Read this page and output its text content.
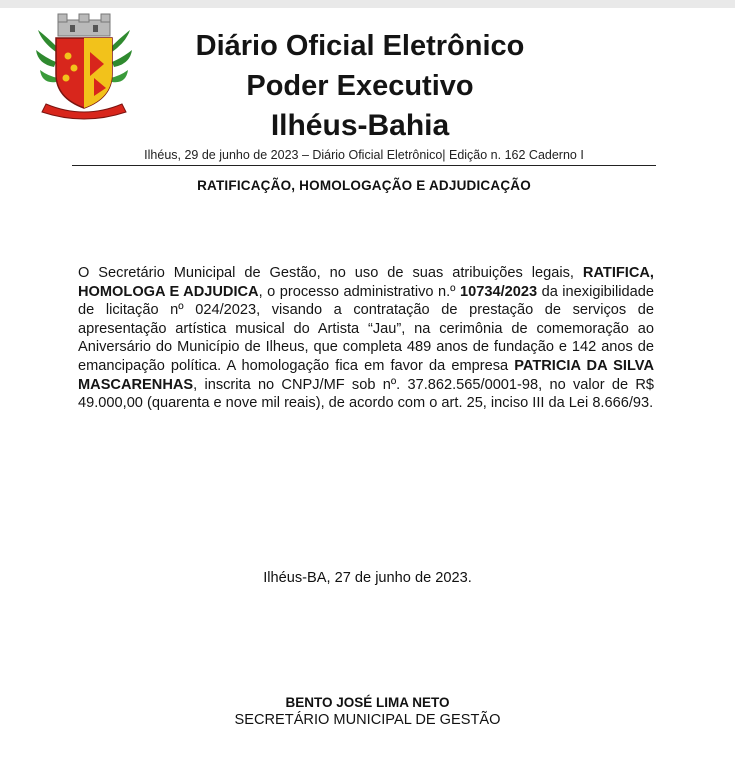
Diário Oficial Eletrônico
Poder Executivo
Ilhéus-Bahia
Ilhéus, 29 de junho de 2023 – Diário Oficial Eletrônico| Edição n. 162 Caderno I
RATIFICAÇÃO, HOMOLOGAÇÃO E ADJUDICAÇÃO
O Secretário Municipal de Gestão, no uso de suas atribuições legais, RATIFICA, HOMOLOGA E ADJUDICA, o processo administrativo n.º 10734/2023 da inexigibilidade de licitação nº 024/2023, visando a contratação de prestação de serviços de apresentação artística musical do Artista “Jau”, na cerimônia de comemoração ao Aniversário do Município de Ilheus, que completa 489 anos de fundação e 142 anos de emancipação política. A homologação fica em favor da empresa PATRICIA DA SILVA MASCARENHAS, inscrita no CNPJ/MF sob nº. 37.862.565/0001-98, no valor de R$ 49.000,00 (quarenta e nove mil reais), de acordo com o art. 25, inciso III da Lei 8.666/93.
Ilhéus-BA, 27 de junho de 2023.
BENTO JOSÉ LIMA NETO
SECRETÁRIO MUNICIPAL DE GESTÃO
